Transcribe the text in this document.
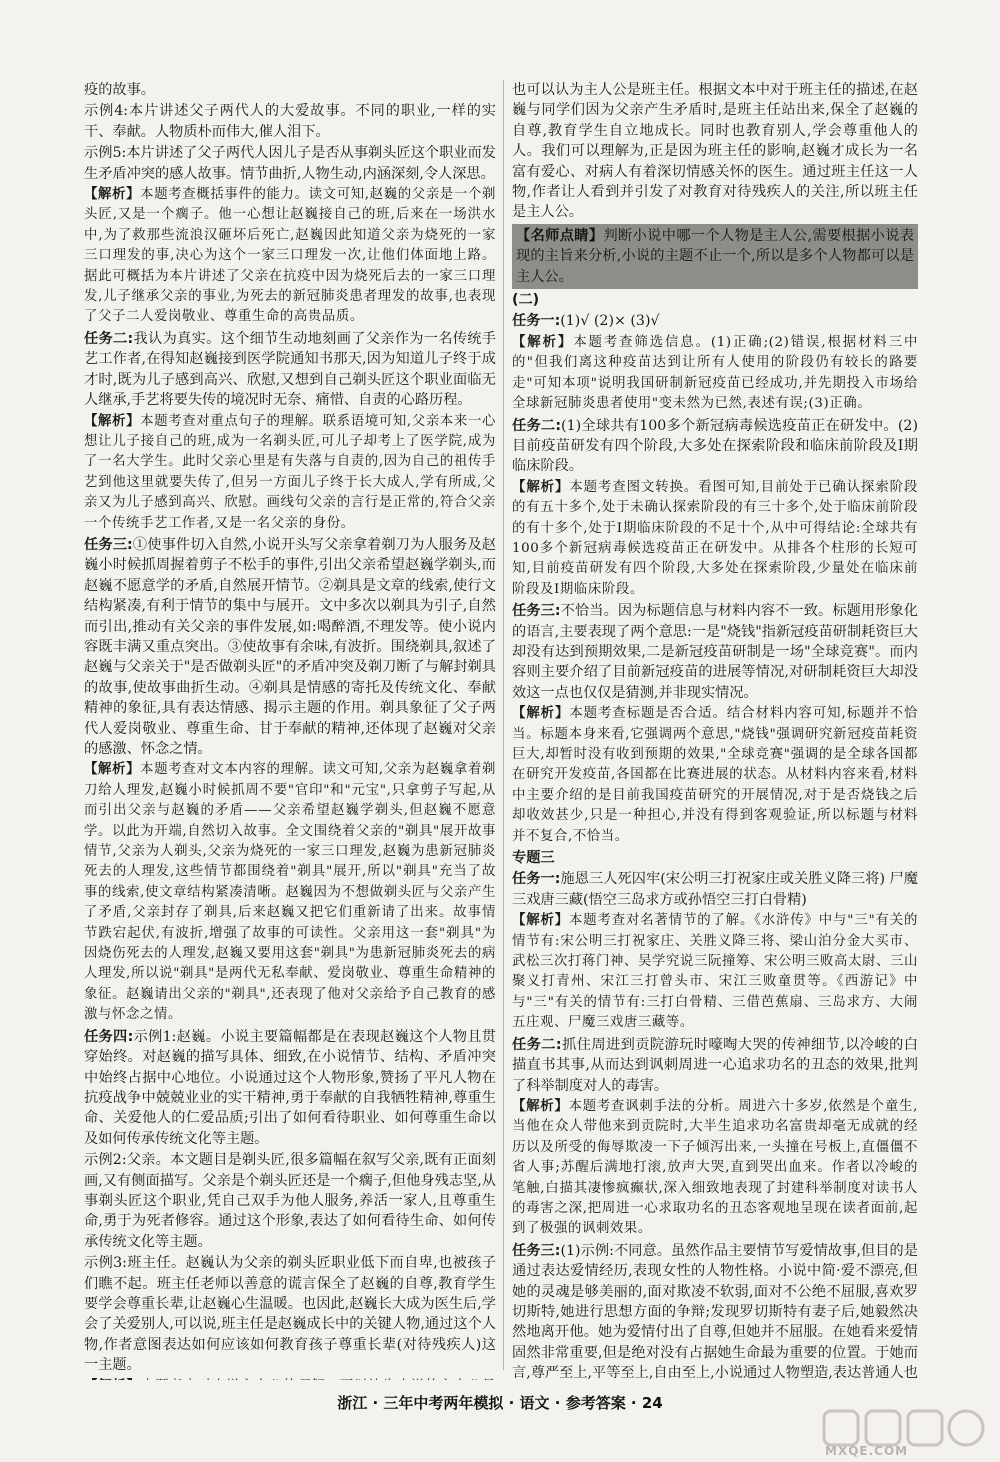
疫的故事。

示例4:本片讲述父子两代人的大爱故事。不同的职业,一样的实干、奉献。人物质朴而伟大,催人泪下。

示例5:本片讲述了父子两代人因儿子是否从事剃头匠这个职业而发生矛盾冲突的感人故事。情节曲折,人物生动,内涵深刻,令人深思。

【解析】本题考查概括事件的能力。读文可知,赵巍的父亲是一个剃头匠,又是一个瘸子。他一心想让赵巍接自己的班,后来在一场洪水中,为了救那些流浪汉砸坏后死亡,赵巍因此知道父亲为烧死的一家三口理发的事,决心为这个一家三口理发一次,让他们体面地上路。据此可概括为本片讲述了父亲在抗疫中因为烧死后去的一家三口理发,儿子继承父亲的事业,为死去的新冠肺炎患者理发的故事,也表现了父子二人爱岗敬业、尊重生命的高贵品质。

任务二:我认为真实。这个细节生动地刻画了父亲作为一名传统手艺工作者,在得知赵巍接到医学院通知书那天,因为知道儿子终于成才时,既为儿子感到高兴、欣慰,又想到自己剃头匠这个职业面临无人继承,手艺将要失传的境况时无奈、痛惜、自责的心路历程。

【解析】本题考查对重点句子的理解。联系语境可知,父亲本来一心想让儿子接自己的班,成为一名剃头匠,可儿子却考上了医学院,成为了一名大学生。此时父亲心里是有失落与自责的,因为自己的祖传手艺到他这里就要失传了,但另一方面儿子终于长大成人,学有所成,父亲又为儿子感到高兴、欣慰。画线句父亲的言行是正常的,符合父亲一个传统手艺工作者,又是一名父亲的身份。

任务三:①使事件切入自然,小说开头写父亲拿着剃刀为人服务及赵巍小时候抓周握着剪子不松手的事件,引出父亲希望赵巍学剃头,而赵巍不愿意学的矛盾,自然展开情节。②剃具是文章的线索,使行文结构紧凑,有利于情节的集中与展开。文中多次以剃具为引子,自然而引出,推动有关父亲的事件发展,如:喝醉酒,不理发等。使小说内容既丰满又重点突出。③使故事有余味,有波折。围绕剃具,叙述了赵巍与父亲关于"是否做剃头匠"的矛盾冲突及剃刀断了与解封剃具的故事,使故事曲折生动。④剃具是情感的寄托及传统文化、奉献精神的象征,具有表达情感、揭示主题的作用。剃具象征了父子两代人爱岗敬业、尊重生命、甘于奉献的精神,还体现了赵巍对父亲的感激、怀念之情。

【解析】本题考查对文本内容的理解。读文可知,父亲为赵巍拿着剃刀给人理发,赵巍小时候抓周不要"官印"和"元宝",只拿剪子写起,从而引出父亲与赵巍的矛盾——父亲希望赵巍学剃头,但赵巍不愿意学。以此为开端,自然切入故事。全文围绕着父亲的"剃具"展开故事情节,父亲为人剃头,父亲为烧死的一家三口理发,赵巍为患新冠肺炎死去的人理发,这些情节都围绕着"剃具"展开,所以"剃具"充当了故事的线索,使文章结构紧凑清晰。赵巍因为不想做剃头匠与父亲产生了矛盾,父亲封存了剃具,后来赵巍又把它们重新请了出来。故事情节跌宕起伏,有波折,增强了故事的可读性。父亲用这一套"剃具"为因烧伤死去的人理发,赵巍又要用这套"剃具"为患新冠肺炎死去的病人理发,所以说"剃具"是两代无私奉献、爱岗敬业、尊重生命精神的象征。赵巍请出父亲的"剃具",还表现了他对父亲给予自己教育的感激与怀念之情。

任务四:示例1:赵巍。小说主要篇幅都是在表现赵巍这个人物且贯穿始终。对赵巍的描写具体、细致,在小说情节、结构、矛盾冲突中始终占据中心地位。小说通过这个人物形象,赞扬了平凡人物在抗疫战争中兢兢业业的实干精神,勇于奉献的自我牺牲精神,尊重生命、关爱他人的仁爱品质;引出了如何看待职业、如何尊重生命以及如何传承传统文化等主题。

示例2:父亲。本文题目是剃头匠,很多篇幅在叙写父亲,既有正面刻画,又有侧面描写。父亲是个剃头匠还是一个瘸子,但他身残志坚,从事剃头匠这个职业,凭自己双手为他人服务,养活一家人,且尊重生命,勇于为死者修容。通过这个形象,表达了如何看待生命、如何传承传统文化等主题。

示例3:班主任。赵巍认为父亲的剃头匠职业低下而自卑,也被孩子们瞧不起。班主任老师以善意的谎言保全了赵巍的自尊,教育学生要学会尊重长辈,让赵巍心生温暖。也因此,赵巍长大成为医生后,学会了关爱别人,可以说,班主任是赵巍成长中的关键人物,通过这个人物,作者意图表达如何应该如何教育孩子尊重长辈(对待残疾人)这一主题。

也可以认为主人公是班主任。根据文本中对于班主任的描述,在赵巍与同学们因为父亲产生矛盾时,是班主任站出来,保全了赵巍的自尊,教育学生自立地成长。同时也教育别人,学会尊重他人的人。我们可以理解为,正是因为班主任的影响,赵巍才成长为一名富有爱心、对病人有着深切情感关怀的医生。通过班主任这一人物,作者让人看到并引发了对教育对待残疾人的关注,所以班主任是主人公。

【名师点睛】判断小说中哪一个人物是主人公,需要根据小说表现的主旨来分析,小说的主题不止一个,所以是多个人物都可以是主人公。

(二)

任务一:(1)√ (2)× (3)√

【解析】本题考查筛选信息。(1)正确;(2)错误,根据材料三中的"但我们离这种疫苗达到让所有人使用的阶段仍有较长的路要走"可知本项"说明我国研制新冠疫苗已经成功,并先期投入市场给全球新冠肺炎患者使用"变未然为已然,表述有误;(3)正确。

任务二:(1)全球共有100多个新冠病毒候选疫苗正在研发中。(2)目前疫苗研发有四个阶段,大多处在探索阶段和临床前阶段及Ⅰ期临床阶段。

【解析】本题考查图文转换。看图可知,目前处于已确认探索阶段的有五十多个,处于未确认探索阶段的有三十多个,处于临床前阶段的有十多个,处于Ⅰ期临床阶段的不足十个,从中可得结论:全球共有100多个新冠病毒候选疫苗正在研发中。从排各个柱形的长短可知,目前疫苗研发有四个阶段,大多处在探索阶段,少量处在临床前阶段及Ⅰ期临床阶段。

任务三:不恰当。因为标题信息与材料内容不一致。标题用形象化的语言,主要表现了两个意思:一是"烧钱"指新冠疫苗研制耗资巨大却没有达到预期效果,二是新冠疫苗研制是一场"全球竞赛"。而内容则主要介绍了目前新冠疫苗的进展等情况,对研制耗资巨大却没效这一点也仅仅是猜测,并非现实情况。

【解析】本题考查标题是否合适。结合材料内容可知,标题并不恰当。标题本身来看,它强调两个意思,"烧钱"强调研究新冠疫苗耗资巨大,却暂时没有收到预期的效果,"全球竞赛"强调的是全球各国都在研究开发疫苗,各国都在比赛进展的状态。从材料内容来看,材料中主要介绍的是目前我国疫苗研究的开展情况,对于是否烧钱之后却收效甚少,只是一种担心,并没有得到客观验证,所以标题与材料并不复合,不恰当。

专题三

任务一:施恩三人死囚牢(宋公明三打祝家庄或关胜义降三将) 尸魔三戏唐三藏(悟空三岛求方或孙悟空三打白骨精)

【解析】本题考查对名著情节的了解。《水浒传》中与"三"有关的情节有:宋公明三打祝家庄、关胜义降三将、梁山泊分金大买市、武松三次打蒋门神、吴学究说三阮撞筹、宋公明三败高太尉、三山聚义打青州、宋江三打曾头市、宋江三败童贯等。《西游记》中与"三"有关的情节有:三打白骨精、三借芭蕉扇、三岛求方、大闹五庄观、尸魔三戏唐三藏等。

任务二:抓住周进到贡院游玩时嚎啕大哭的传神细节,以冷峻的白描直书其事,从而达到讽刺周进一心追求功名的丑态的效果,批判了科举制度对人的毒害。

【解析】本题考查讽刺手法的分析。周进六十多岁,依然是个童生,当他在众人带他来到贡院时,大半生追求功名富贵却毫无成就的经历以及所受的侮辱欺凌一下子倾泻出来,一头撞在号板上,直僵僵不省人事;苏醒后满地打滚,放声大哭,直到哭出血来。作者以冷峻的笔触,白描其凄惨疯癫状,深入细致地表现了封建科举制度对读书人的毒害之深,把周进一心求取功名的丑态客观地呈现在读者面前,起到了极强的讽刺效果。

任务三:(1)示例:不同意。虽然作品主要情节写爱情故事,但目的是通过表达爱情经历,表现女性的人物性格。小说中简·爱不漂亮,但她的灵魂是够美丽的,面对欺凌不软弱,面对不公绝不屈服,喜欢罗切斯特,她进行思想方面的争辩;发现罗切斯特有妻子后,她毅然决然地离开他。她为爱情付出了自尊,但她并不屈服。在她看来爱情固然非常重要,但是绝对没有占据她生命最为重要的位置。于她而言,尊严至上,平等至上,自由至上,小说通过人物塑造,表达普通人也

浙江 · 三年中考两年模拟 · 语文 · 参考答案 · 24
MXQE.COM
